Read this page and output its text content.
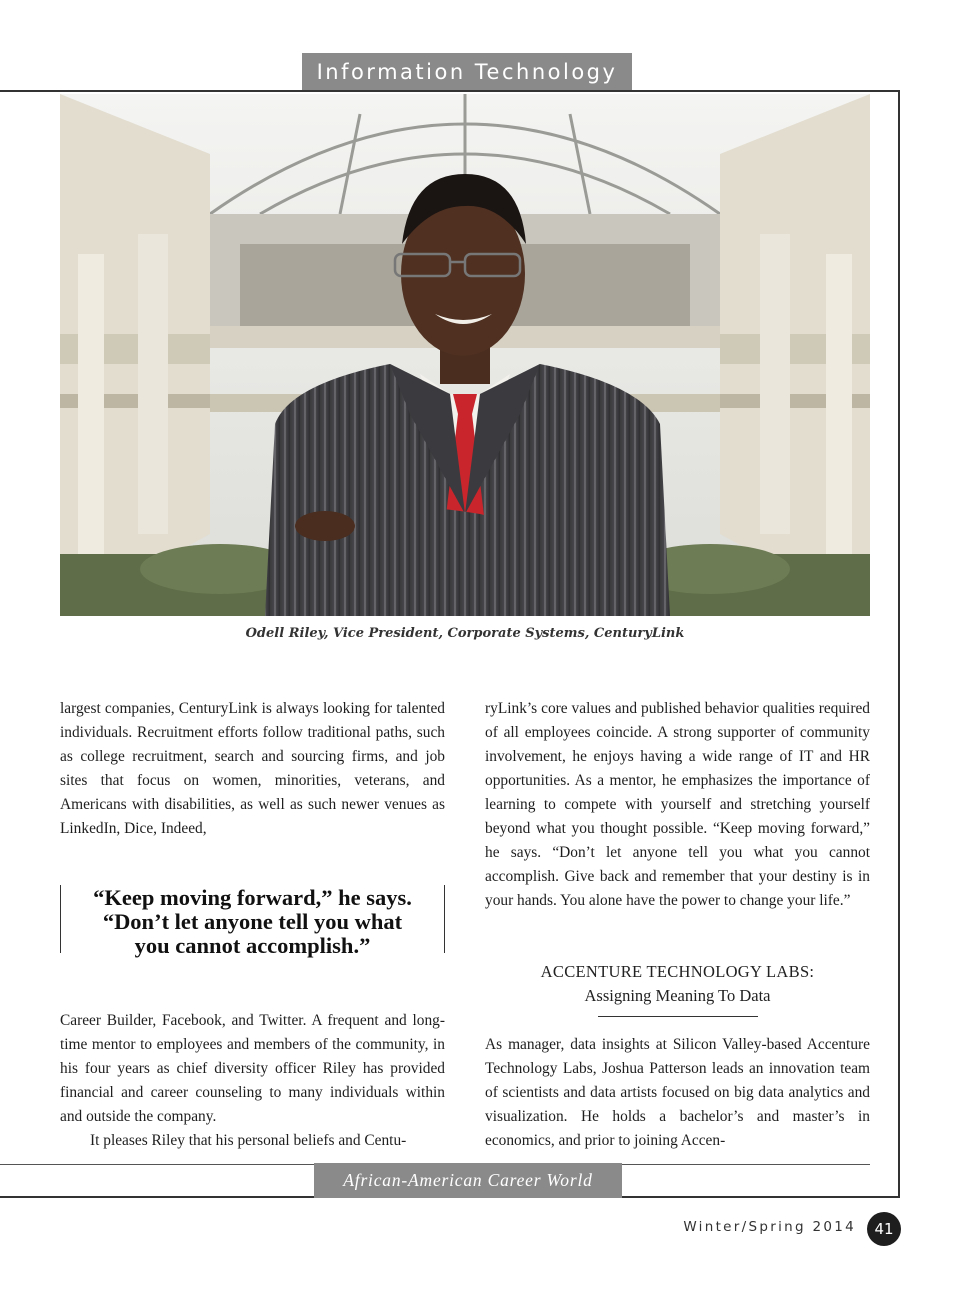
Information Technology
Odell Riley, Vice President, Corporate Systems, CenturyLink

largest companies, CenturyLink is always looking for talented individuals. Recruitment efforts follow traditional paths, such as college recruitment, search and sourcing firms, and job sites that focus on women, minorities, veterans, and Americans with disabilities, as well as such newer venues as LinkedIn, Dice, Indeed,

“Keep moving forward,” he says.
“Don’t let anyone tell you what
you cannot accomplish.”

Career Builder, Facebook, and Twitter. A frequent and long-time mentor to employees and members of the community, in his four years as chief diversity officer Riley has provided financial and career counseling to many individuals within and outside the company.

It pleases Riley that his personal beliefs and Centu-

ryLink’s core values and published behavior qualities required of all employees coincide. A strong supporter of community involvement, he enjoys having a wide range of IT and HR opportunities. As a mentor, he emphasizes the importance of learning to compete with yourself and stretching yourself beyond what you thought possible. “Keep moving forward,” he says. “Don’t let anyone tell you what you cannot accomplish. Give back and remember that your destiny is in your hands. You alone have the power to change your life.”

ACCENTURE TECHNOLOGY LABS:
Assigning Meaning To Data

As manager, data insights at Silicon Valley-based Accenture Technology Labs, Joshua Patterson leads an innovation team of scientists and data artists focused on big data analytics and visualization. He holds a bachelor’s and master’s in economics, and prior to joining Accen-

African-American Career World
Winter/Spring 2014	41
